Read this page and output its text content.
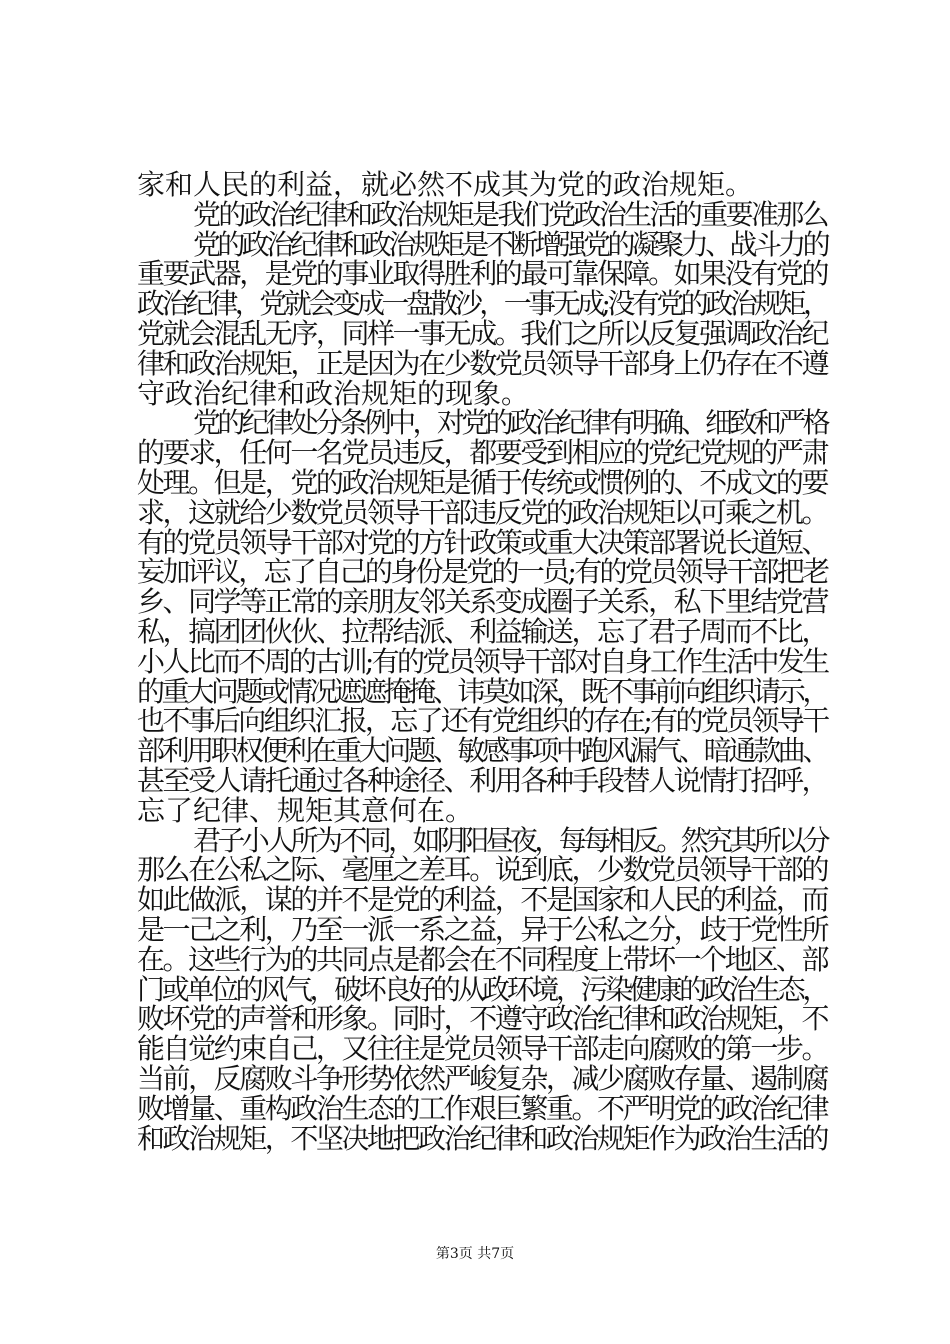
家和人民的利益，就必然不成其为党的政治规矩。
党的政治纪律和政治规矩是我们党政治生活的重要准那么
党的政治纪律和政治规矩是不断增强党的凝聚力、战斗力的
重要武器，是党的事业取得胜利的最可靠保障。如果没有党的
政治纪律，党就会变成一盘散沙，一事无成;没有党的政治规矩，
党就会混乱无序，同样一事无成。我们之所以反复强调政治纪
律和政治规矩，正是因为在少数党员领导干部身上仍存在不遵
守政治纪律和政治规矩的现象。
党的纪律处分条例中，对党的政治纪律有明确、细致和严格
的要求，任何一名党员违反，都要受到相应的党纪党规的严肃
处理。但是，党的政治规矩是循于传统或惯例的、不成文的要
求，这就给少数党员领导干部违反党的政治规矩以可乘之机。
有的党员领导干部对党的方针政策或重大决策部署说长道短、
妄加评议，忘了自己的身份是党的一员;有的党员领导干部把老
乡、同学等正常的亲朋友邻关系变成圈子关系，私下里结党营
私，搞团团伙伙、拉帮结派、利益输送，忘了君子周而不比，
小人比而不周的古训;有的党员领导干部对自身工作生活中发生
的重大问题或情况遮遮掩掩、讳莫如深，既不事前向组织请示，
也不事后向组织汇报，忘了还有党组织的存在;有的党员领导干
部利用职权便利在重大问题、敏感事项中跑风漏气、暗通款曲、
甚至受人请托通过各种途径、利用各种手段替人说情打招呼，
忘了纪律、规矩其意何在。
君子小人所为不同，如阴阳昼夜，每每相反。然究其所以分
那么在公私之际、毫厘之差耳。说到底，少数党员领导干部的
如此做派，谋的并不是党的利益，不是国家和人民的利益，而
是一己之利，乃至一派一系之益，异于公私之分，歧于党性所
在。这些行为的共同点是都会在不同程度上带坏一个地区、部
门或单位的风气，破坏良好的从政环境，污染健康的政治生态，
败坏党的声誉和形象。同时，不遵守政治纪律和政治规矩，不
能自觉约束自己，又往往是党员领导干部走向腐败的第一步。
当前，反腐败斗争形势依然严峻复杂，减少腐败存量、遏制腐
败增量、重构政治生态的工作艰巨繁重。不严明党的政治纪律
和政治规矩，不坚决地把政治纪律和政治规矩作为政治生活的
第3页 共7页
